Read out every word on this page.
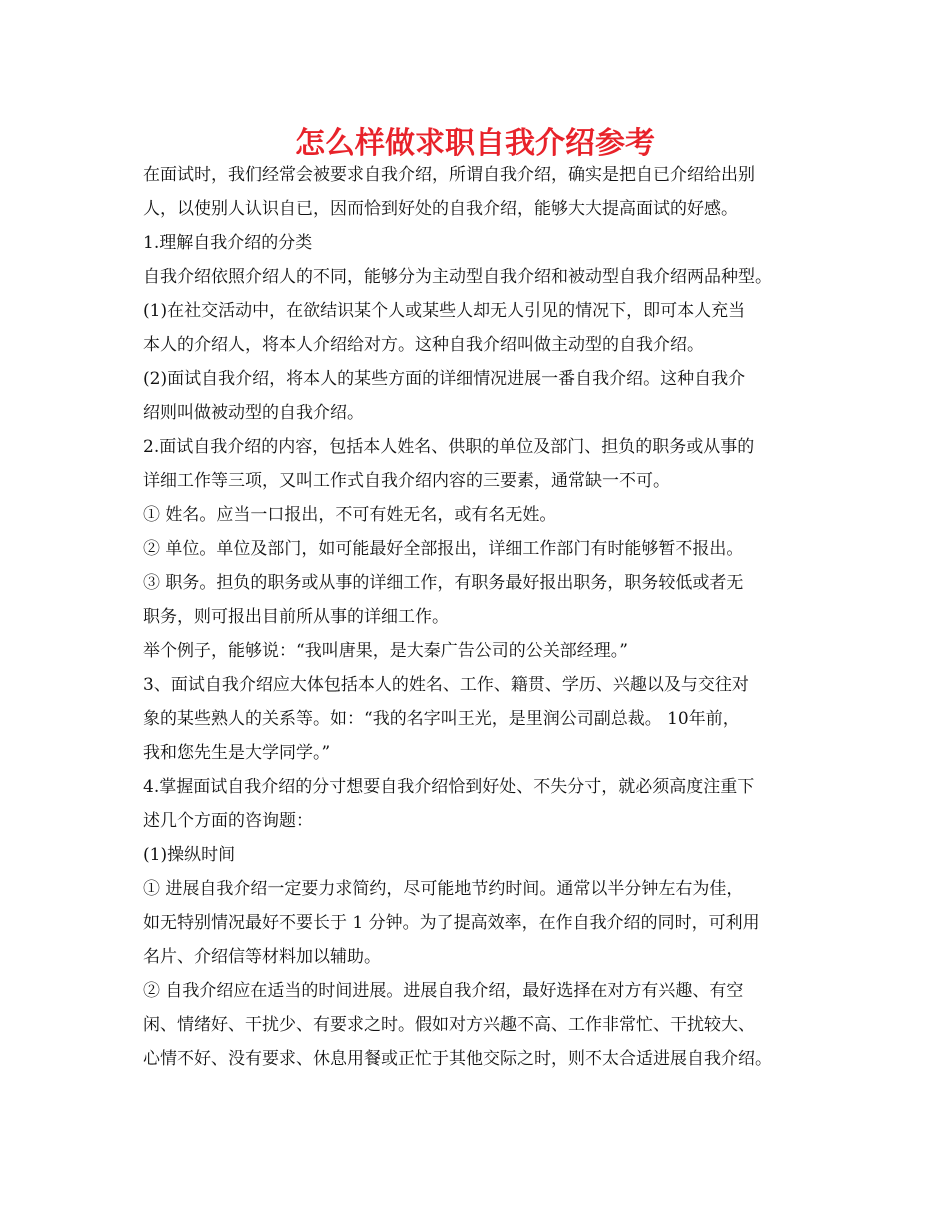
怎么样做求职自我介绍参考
在面试时，我们经常会被要求自我介绍，所谓自我介绍，确实是把自已介绍给出别
人，以使别人认识自已，因而恰到好处的自我介绍，能够大大提高面试的好感。
1.理解自我介绍的分类
自我介绍依照介绍人的不同，能够分为主动型自我介绍和被动型自我介绍两品种型。
(1)在社交活动中，在欲结识某个人或某些人却无人引见的情况下，即可本人充当
本人的介绍人，将本人介绍给对方。这种自我介绍叫做主动型的自我介绍。
(2)面试自我介绍，将本人的某些方面的详细情况进展一番自我介绍。这种自我介
绍则叫做被动型的自我介绍。
2.面试自我介绍的内容，包括本人姓名、供职的单位及部门、担负的职务或从事的
详细工作等三项，又叫工作式自我介绍内容的三要素，通常缺一不可。
① 姓名。应当一口报出，不可有姓无名，或有名无姓。
② 单位。单位及部门，如可能最好全部报出，详细工作部门有时能够暂不报出。
③ 职务。担负的职务或从事的详细工作，有职务最好报出职务，职务较低或者无
职务，则可报出目前所从事的详细工作。
举个例子，能够说：“我叫唐果，是大秦广告公司的公关部经理。”
3、面试自我介绍应大体包括本人的姓名、工作、籍贯、学历、兴趣以及与交往对
象的某些熟人的关系等。如：“我的名字叫王光，是里润公司副总裁。 10年前，
我和您先生是大学同学。”
4.掌握面试自我介绍的分寸想要自我介绍恰到好处、不失分寸，就必须高度注重下
述几个方面的咨询题：
(1)操纵时间
① 进展自我介绍一定要力求简约，尽可能地节约时间。通常以半分钟左右为佳，
如无特别情况最好不要长于 1 分钟。为了提高效率，在作自我介绍的同时，可利用
名片、介绍信等材料加以辅助。
② 自我介绍应在适当的时间进展。进展自我介绍，最好选择在对方有兴趣、有空
闲、情绪好、干扰少、有要求之时。假如对方兴趣不高、工作非常忙、干扰较大、
心情不好、没有要求、休息用餐或正忙于其他交际之时，则不太合适进展自我介绍。
